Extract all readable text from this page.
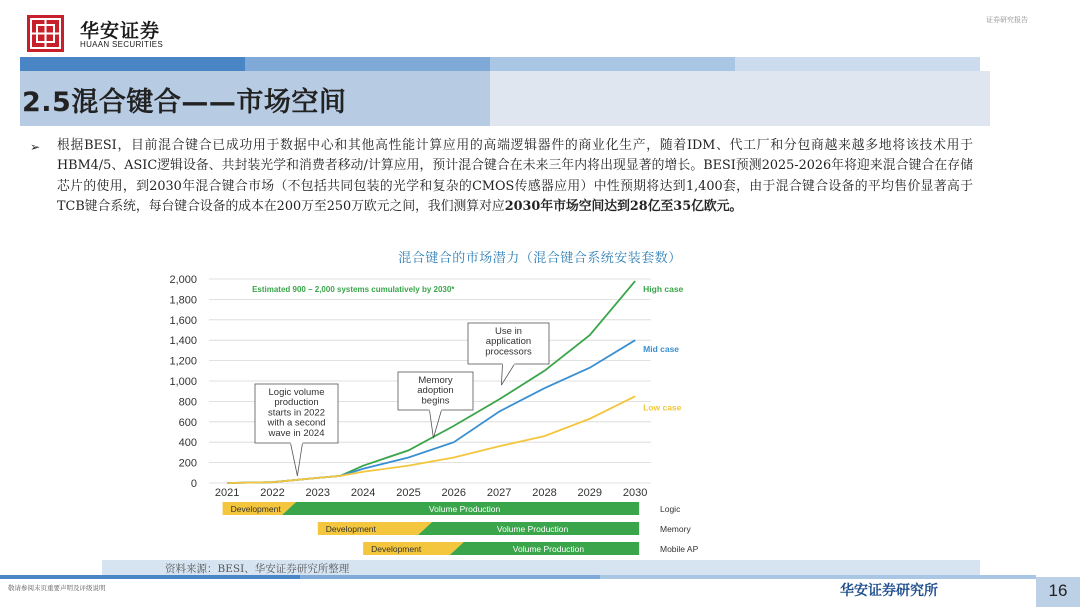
华安证券
HUAAN SECURITIES
证券研究报告
2.5混合键合——市场空间
➢ 根据BESI，目前混合键合已成功用于数据中心和其他高性能计算应用的高端逻辑器件的商业化生产，随着IDM、代工厂和分包商越来越多地将该技术用于HBM4/5、ASIC逻辑设备、共封装光学和消费者移动/计算应用，预计混合键合在未来三年内将出现显著的增长。BESI预测2025-2026年将迎来混合键合在存储芯片的使用，到2030年混合键合市场（不包括共同包装的光学和复杂的CMOS传感器应用）中性预期将达到1,400套，由于混合键合设备的平均售价显著高于TCB键合系统，每台键合设备的成本在200万至250万欧元之间，我们测算对应2030年市场空间达到28亿至35亿欧元。
混合键合的市场潜力（混合键合系统安装套数）
0
200
400
600
800
1,000
1,200
1,400
1,600
1,800
2,000
2021 2022 2023 2024 2025 2026 2027 2028 2029 2030
High case
Mid case
Low case
Estimated 900 – 2,000 systems cumulatively by 2030*
Logic volume
production
starts in 2022
with a second
wave in 2024
Memory
adoption
begins
Use in
application
processors
Development	Volume Production	Logic
Development	Volume Production	Memory
Development	Volume Production	Mobile AP
资料来源：BESI、华安证券研究所整理
敬请参阅末页重要声明及评级说明	华安证券研究所	16
